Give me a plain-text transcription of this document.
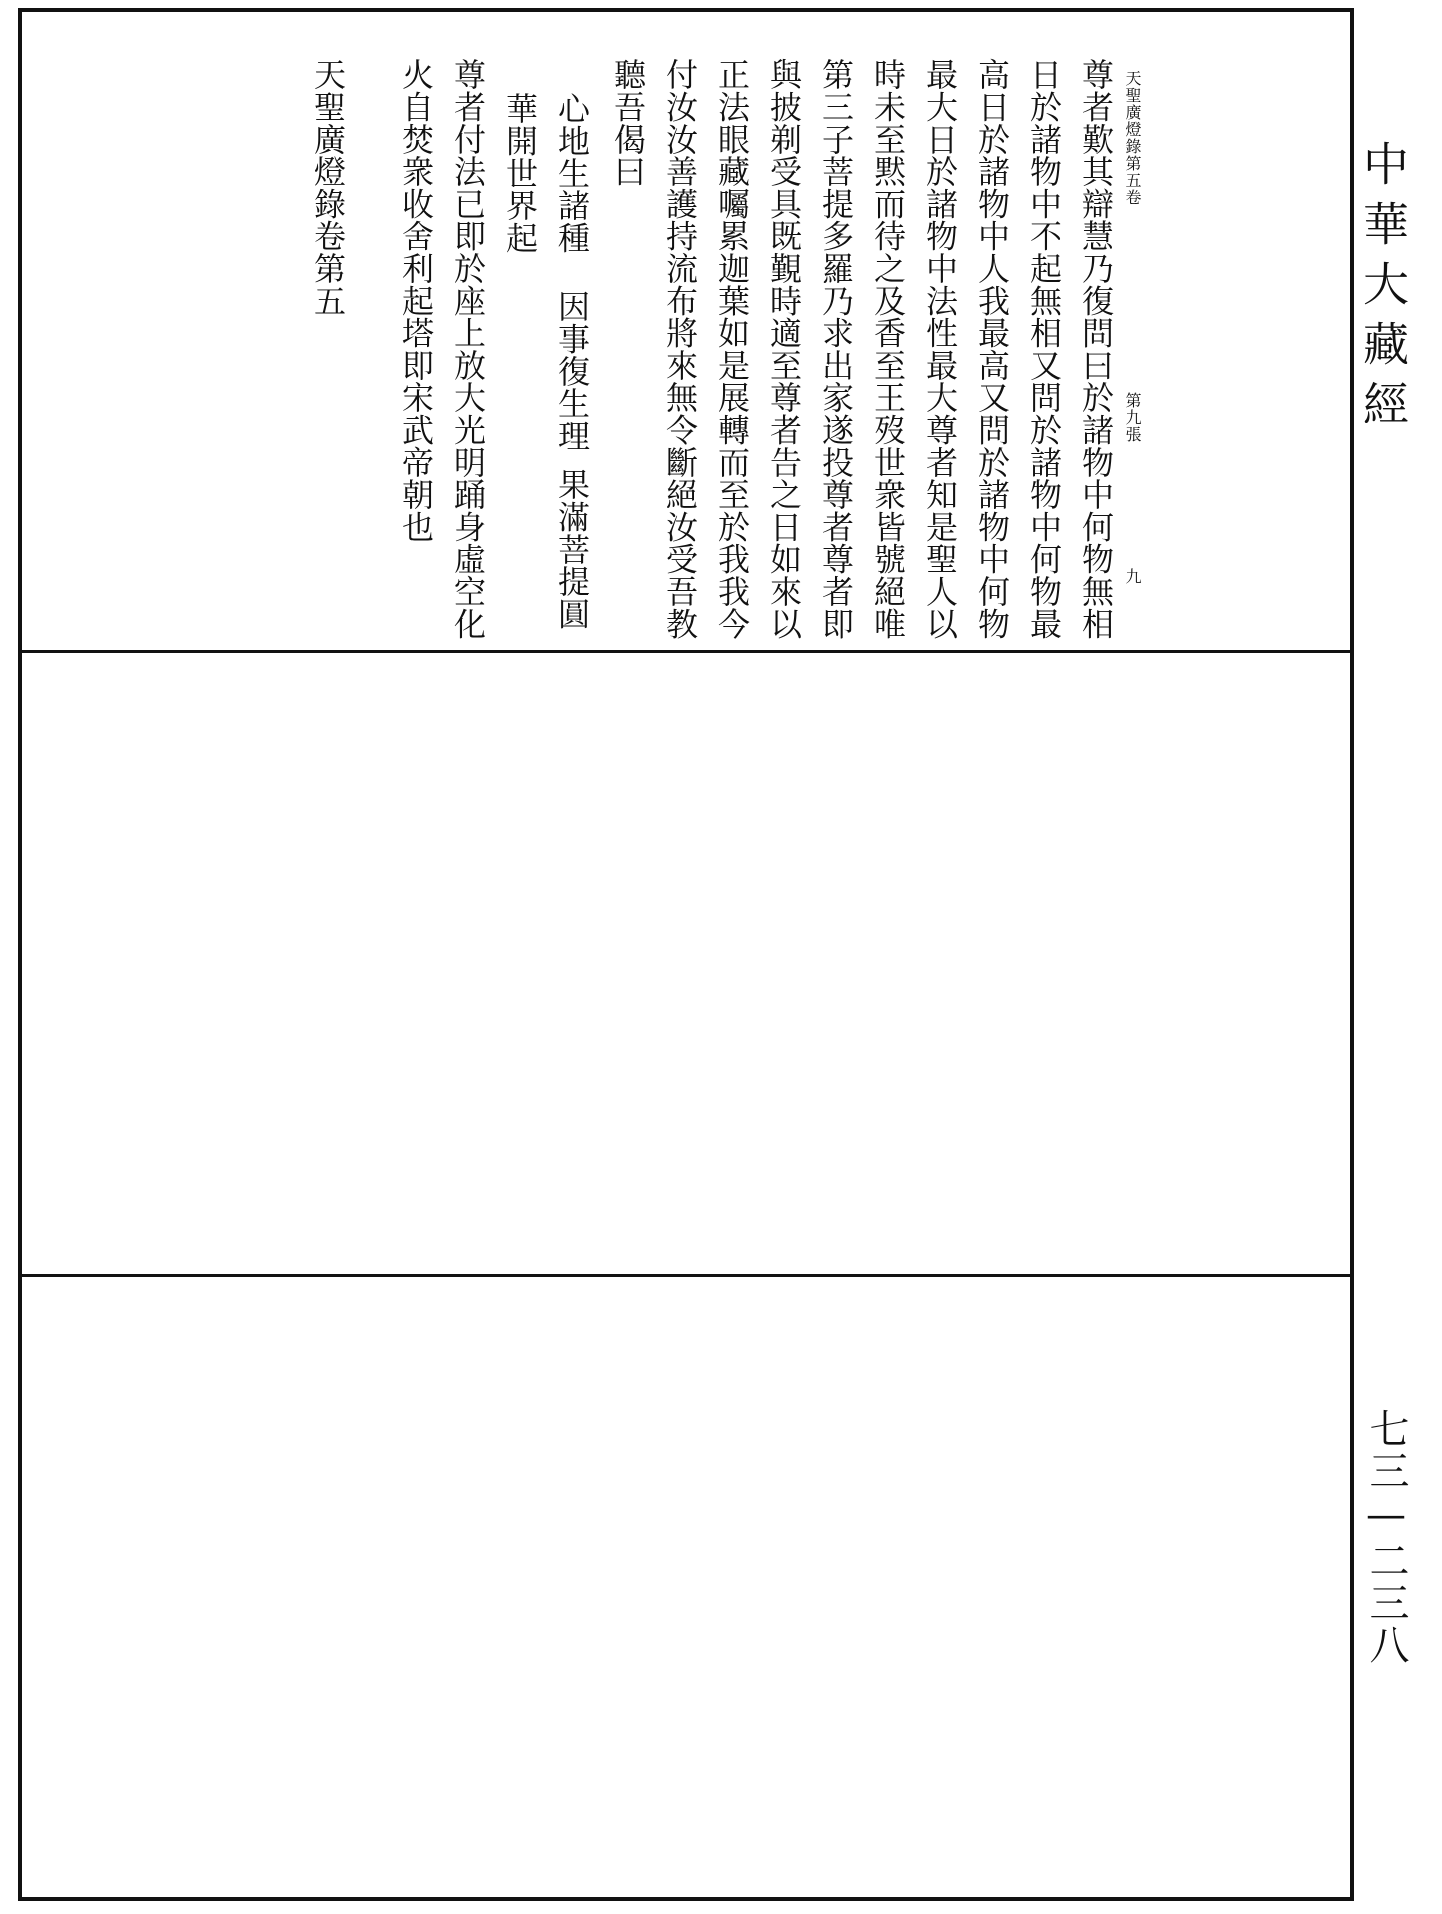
中華大藏經
七三—二三八
天聖廣燈錄第五卷
第九張
九
尊者歎其辯慧乃復問曰於諸物中何物無相
日於諸物中不起無相又問於諸物中何物最
高日於諸物中人我最高又問於諸物中何物
最大日於諸物中法性最大尊者知是聖人以
時未至黙而待之及香至王歿世衆皆號絕唯
第三子菩提多羅乃求出家遂投尊者尊者即
與披剃受具既覲時適至尊者告之日如來以
正法眼藏囑累迦葉如是展轉而至於我我今
付汝汝善護持流布將來無令斷絕汝受吾教
聽吾偈曰
心地生諸種
因事復生理
果滿菩提圓
華開世界起
尊者付法已即於座上放大光明踊身虛空化
火自焚衆收舍利起塔即宋武帝朝也
天聖廣燈錄卷第五
